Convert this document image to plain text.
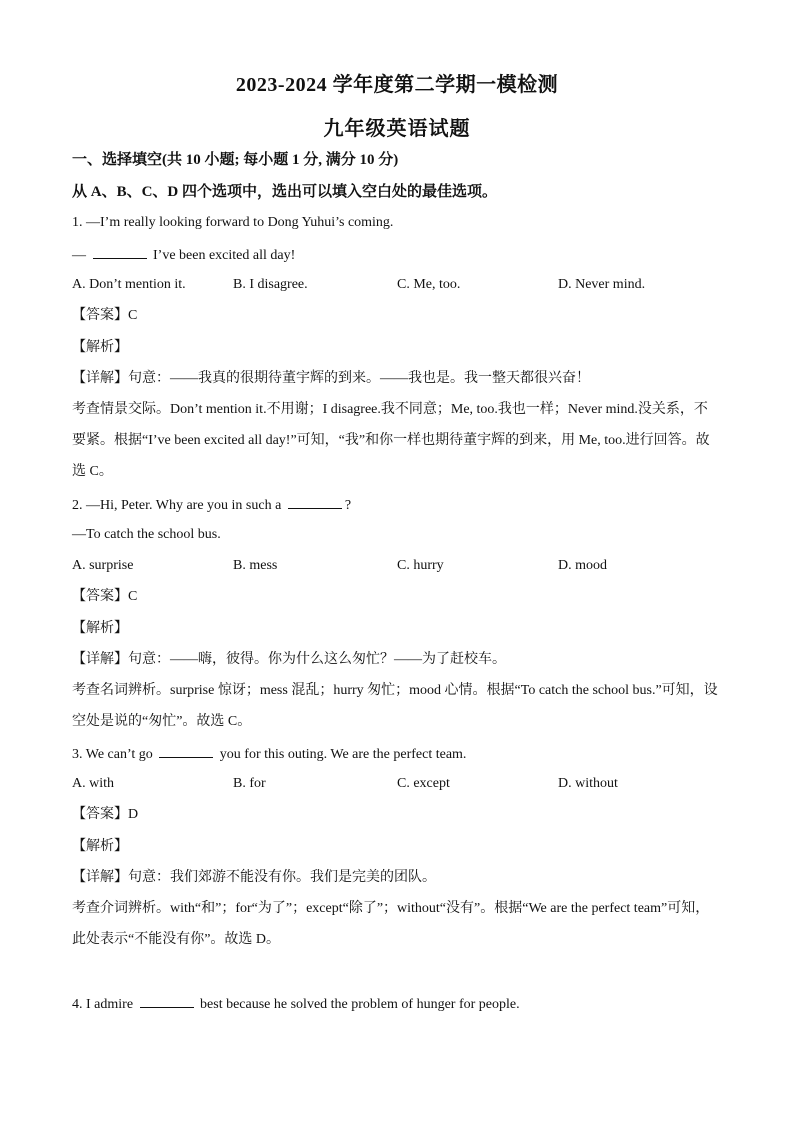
2023-2024 学年度第二学期一模检测
九年级英语试题
一、选择填空(共 10 小题; 每小题 1 分, 满分 10 分)
从 A、B、C、D 四个选项中，选出可以填入空白处的最佳选项。
1. —I’m really looking forward to Dong Yuhui’s coming.
—	I’ve been excited all day!
A. Don’t mention it.	B. I disagree.	C. Me, too.	D. Never mind.
【答案】C
【解析】
【详解】句意：——我真的很期待董宇辉的到来。——我也是。我一整天都很兴奋！
考查情景交际。Don’t mention it.不用谢；I disagree.我不同意；Me, too.我也一样；Never mind.没关系，不
要紧。根据“I’ve been excited all day!”可知，“我”和你一样也期待董宇辉的到来，用 Me, too.进行回答。故
选 C。
2. —Hi, Peter. Why are you in such a	?
—To catch the school bus.
A. surprise	B. mess	C. hurry	D. mood
【答案】C
【解析】
【详解】句意：——嗨，彼得。你为什么这么匆忙？——为了赶校车。
考查名词辨析。surprise 惊讶；mess 混乱；hurry 匆忙；mood 心情。根据“To catch the school bus.”可知，设
空处是说的“匆忙”。故选 C。
3. We can’t go	you for this outing. We are the perfect team.
A. with	B. for	C. except	D. without
【答案】D
【解析】
【详解】句意：我们郊游不能没有你。我们是完美的团队。
考查介词辨析。with“和”；for“为了”；except“除了”；without“没有”。根据“We are the perfect team”可知，
此处表示“不能没有你”。故选 D。
4. I admire	best because he solved the problem of hunger for people.
